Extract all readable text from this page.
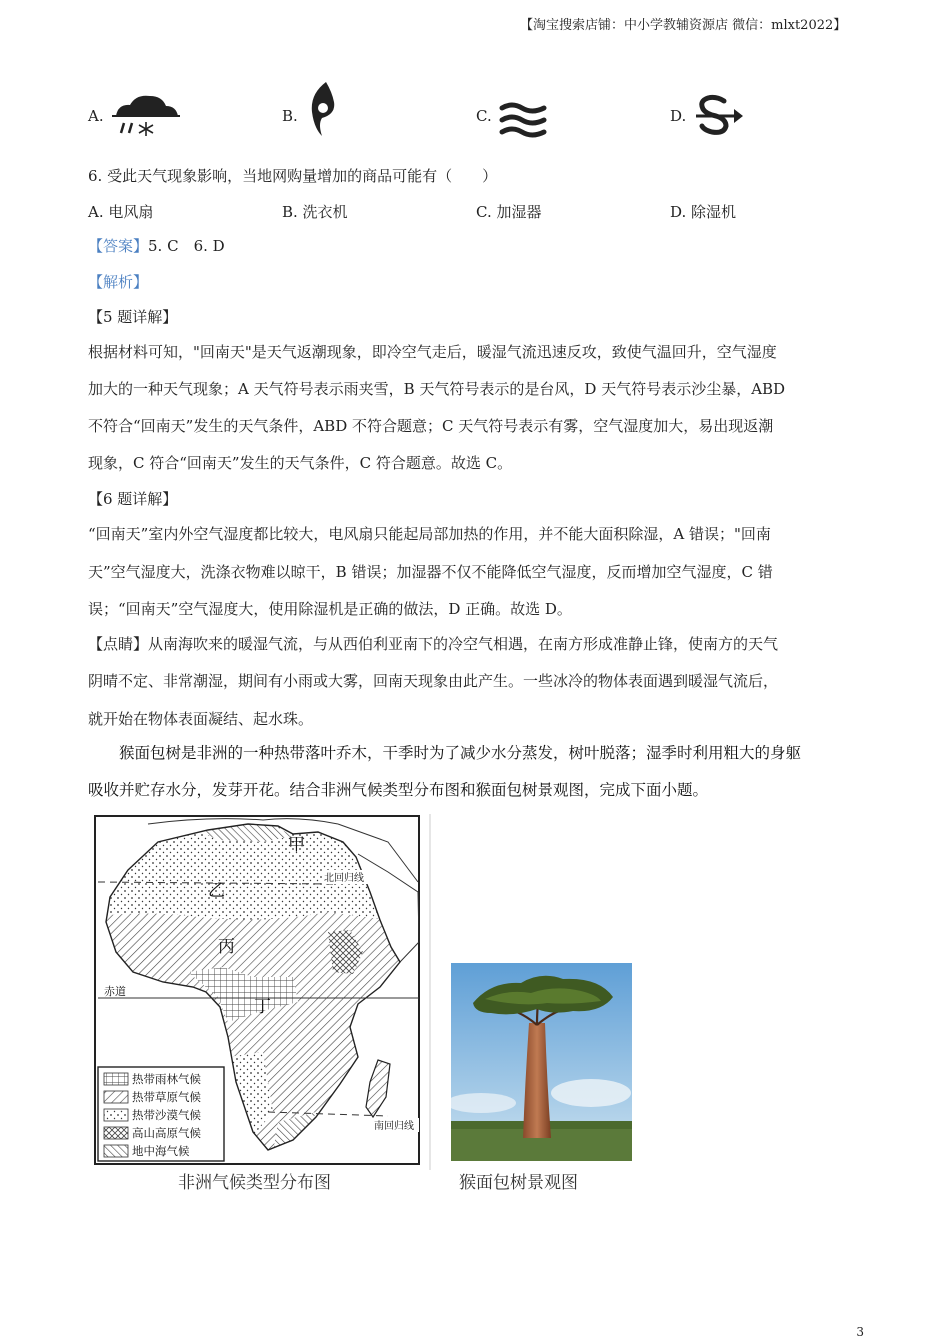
【淘宝搜索店铺：中小学教辅资源店 微信：mlxt2022】
A.	B.	C.	D.
6. 受此天气现象影响，当地网购量增加的商品可能有（　　）
A. 电风扇	B. 洗衣机	C. 加湿器	D. 除湿机
【答案】5. C　6. D
【解析】
【5 题详解】
根据材料可知，"回南天"是天气返潮现象，即冷空气走后，暖湿气流迅速反攻，致使气温回升，空气湿度
加大的一种天气现象；A 天气符号表示雨夹雪，B 天气符号表示的是台风，D 天气符号表示沙尘暴，ABD
不符合“回南天”发生的天气条件，ABD 不符合题意；C 天气符号表示有雾，空气湿度加大，易出现返潮
现象，C 符合“回南天”发生的天气条件，C 符合题意。故选 C。
【6 题详解】
“回南天”室内外空气湿度都比较大，电风扇只能起局部加热的作用，并不能大面积除湿，A 错误；"回南
天”空气湿度大，洗涤衣物难以晾干，B 错误；加湿器不仅不能降低空气湿度，反而增加空气湿度，C 错
误；“回南天”空气湿度大，使用除湿机是正确的做法，D 正确。故选 D。
【点睛】从南海吹来的暖湿气流，与从西伯利亚南下的冷空气相遇，在南方形成准静止锋，使南方的天气
阴晴不定、非常潮湿，期间有小雨或大雾，回南天现象由此产生。一些冰冷的物体表面遇到暖湿气流后，
就开始在物体表面凝结、起水珠。
猴面包树是非洲的一种热带落叶乔木，干季时为了减少水分蒸发，树叶脱落；湿季时利用粗大的身躯
吸收并贮存水分，发芽开花。结合非洲气候类型分布图和猴面包树景观图，完成下面小题。
甲
乙
丙
丁
北回归线
赤道
南回归线
热带雨林气候
热带草原气候
热带沙漠气候
高山高原气候
地中海气候
非洲气候类型分布图	猴面包树景观图
3
